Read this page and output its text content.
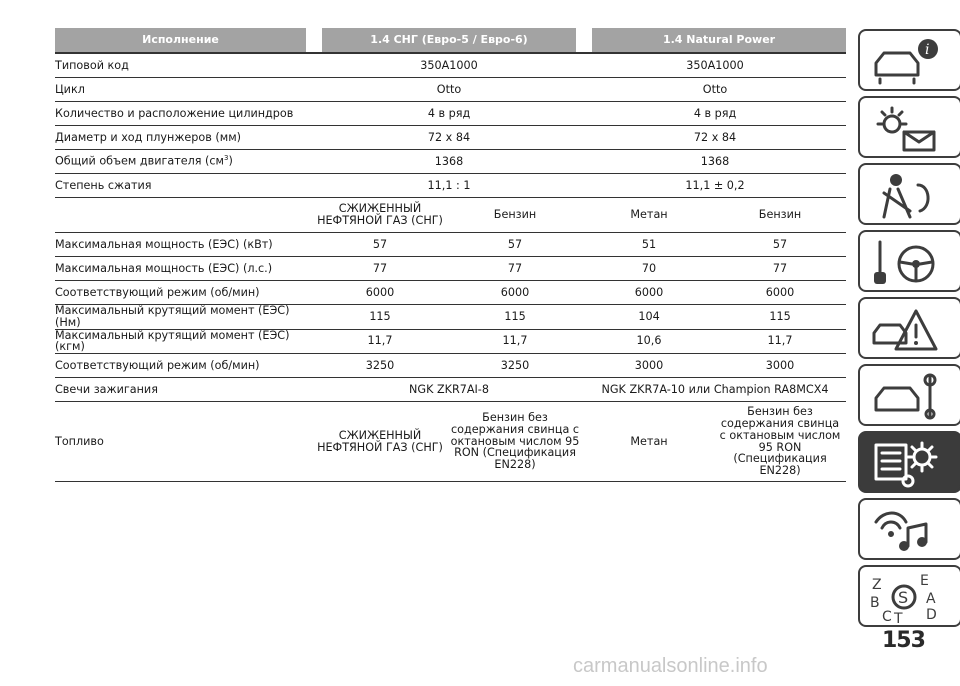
Исполнение	1.4 СНГ (Евро-5 / Евро-6)		1.4 Natural Power	

Типовой код	350A1000		350A1000	
Цикл	Otto		Otto	
Количество и расположение цилиндров	4 в ряд		4 в ряд	
Диаметр и ход плунжеров (мм)	72 x 84		72 x 84	
Общий объем двигателя $(см^3)$	1368		1368	
Степень сжатия	11,1 : 1		11,1 ± 0,2	
	СЖИЖЕННЫЙ НЕФТЯНОЙ ГАЗ (СНГ)	Бензин	Метан	Бензин
Максимальная мощность (ЕЭС) (кВт)	57	57	51	57
Максимальная мощность (ЕЭС) (л.с.)	77	77	70	77
Соответствующий режим (об/мин)	6000	6000	6000	6000
Максимальный крутящий момент (ЕЭС) (Нм)	115	115	104	115
Максимальный крутящий момент (ЕЭС) (кгм)	11,7	11,7	10,6	11,7
Соответствующий режим (об/мин)	3250	3250	3000	3000
Свечи зажигания	NGK ZKR7AI-8		NGK ZKR7A-10 или Champion RA8MCX4	
Топливо	СЖИЖЕННЫЙ НЕФТЯНОЙ ГАЗ (СНГ)	Бензин без содержания свинца с октановым числом 95 RON (Спецификация EN228)	Метан	Бензин без содержания свинца с октановым числом 95 RON (Спецификация EN228)
i
Z	E
B	A
C T D
S
153
carmanualsonline.info
